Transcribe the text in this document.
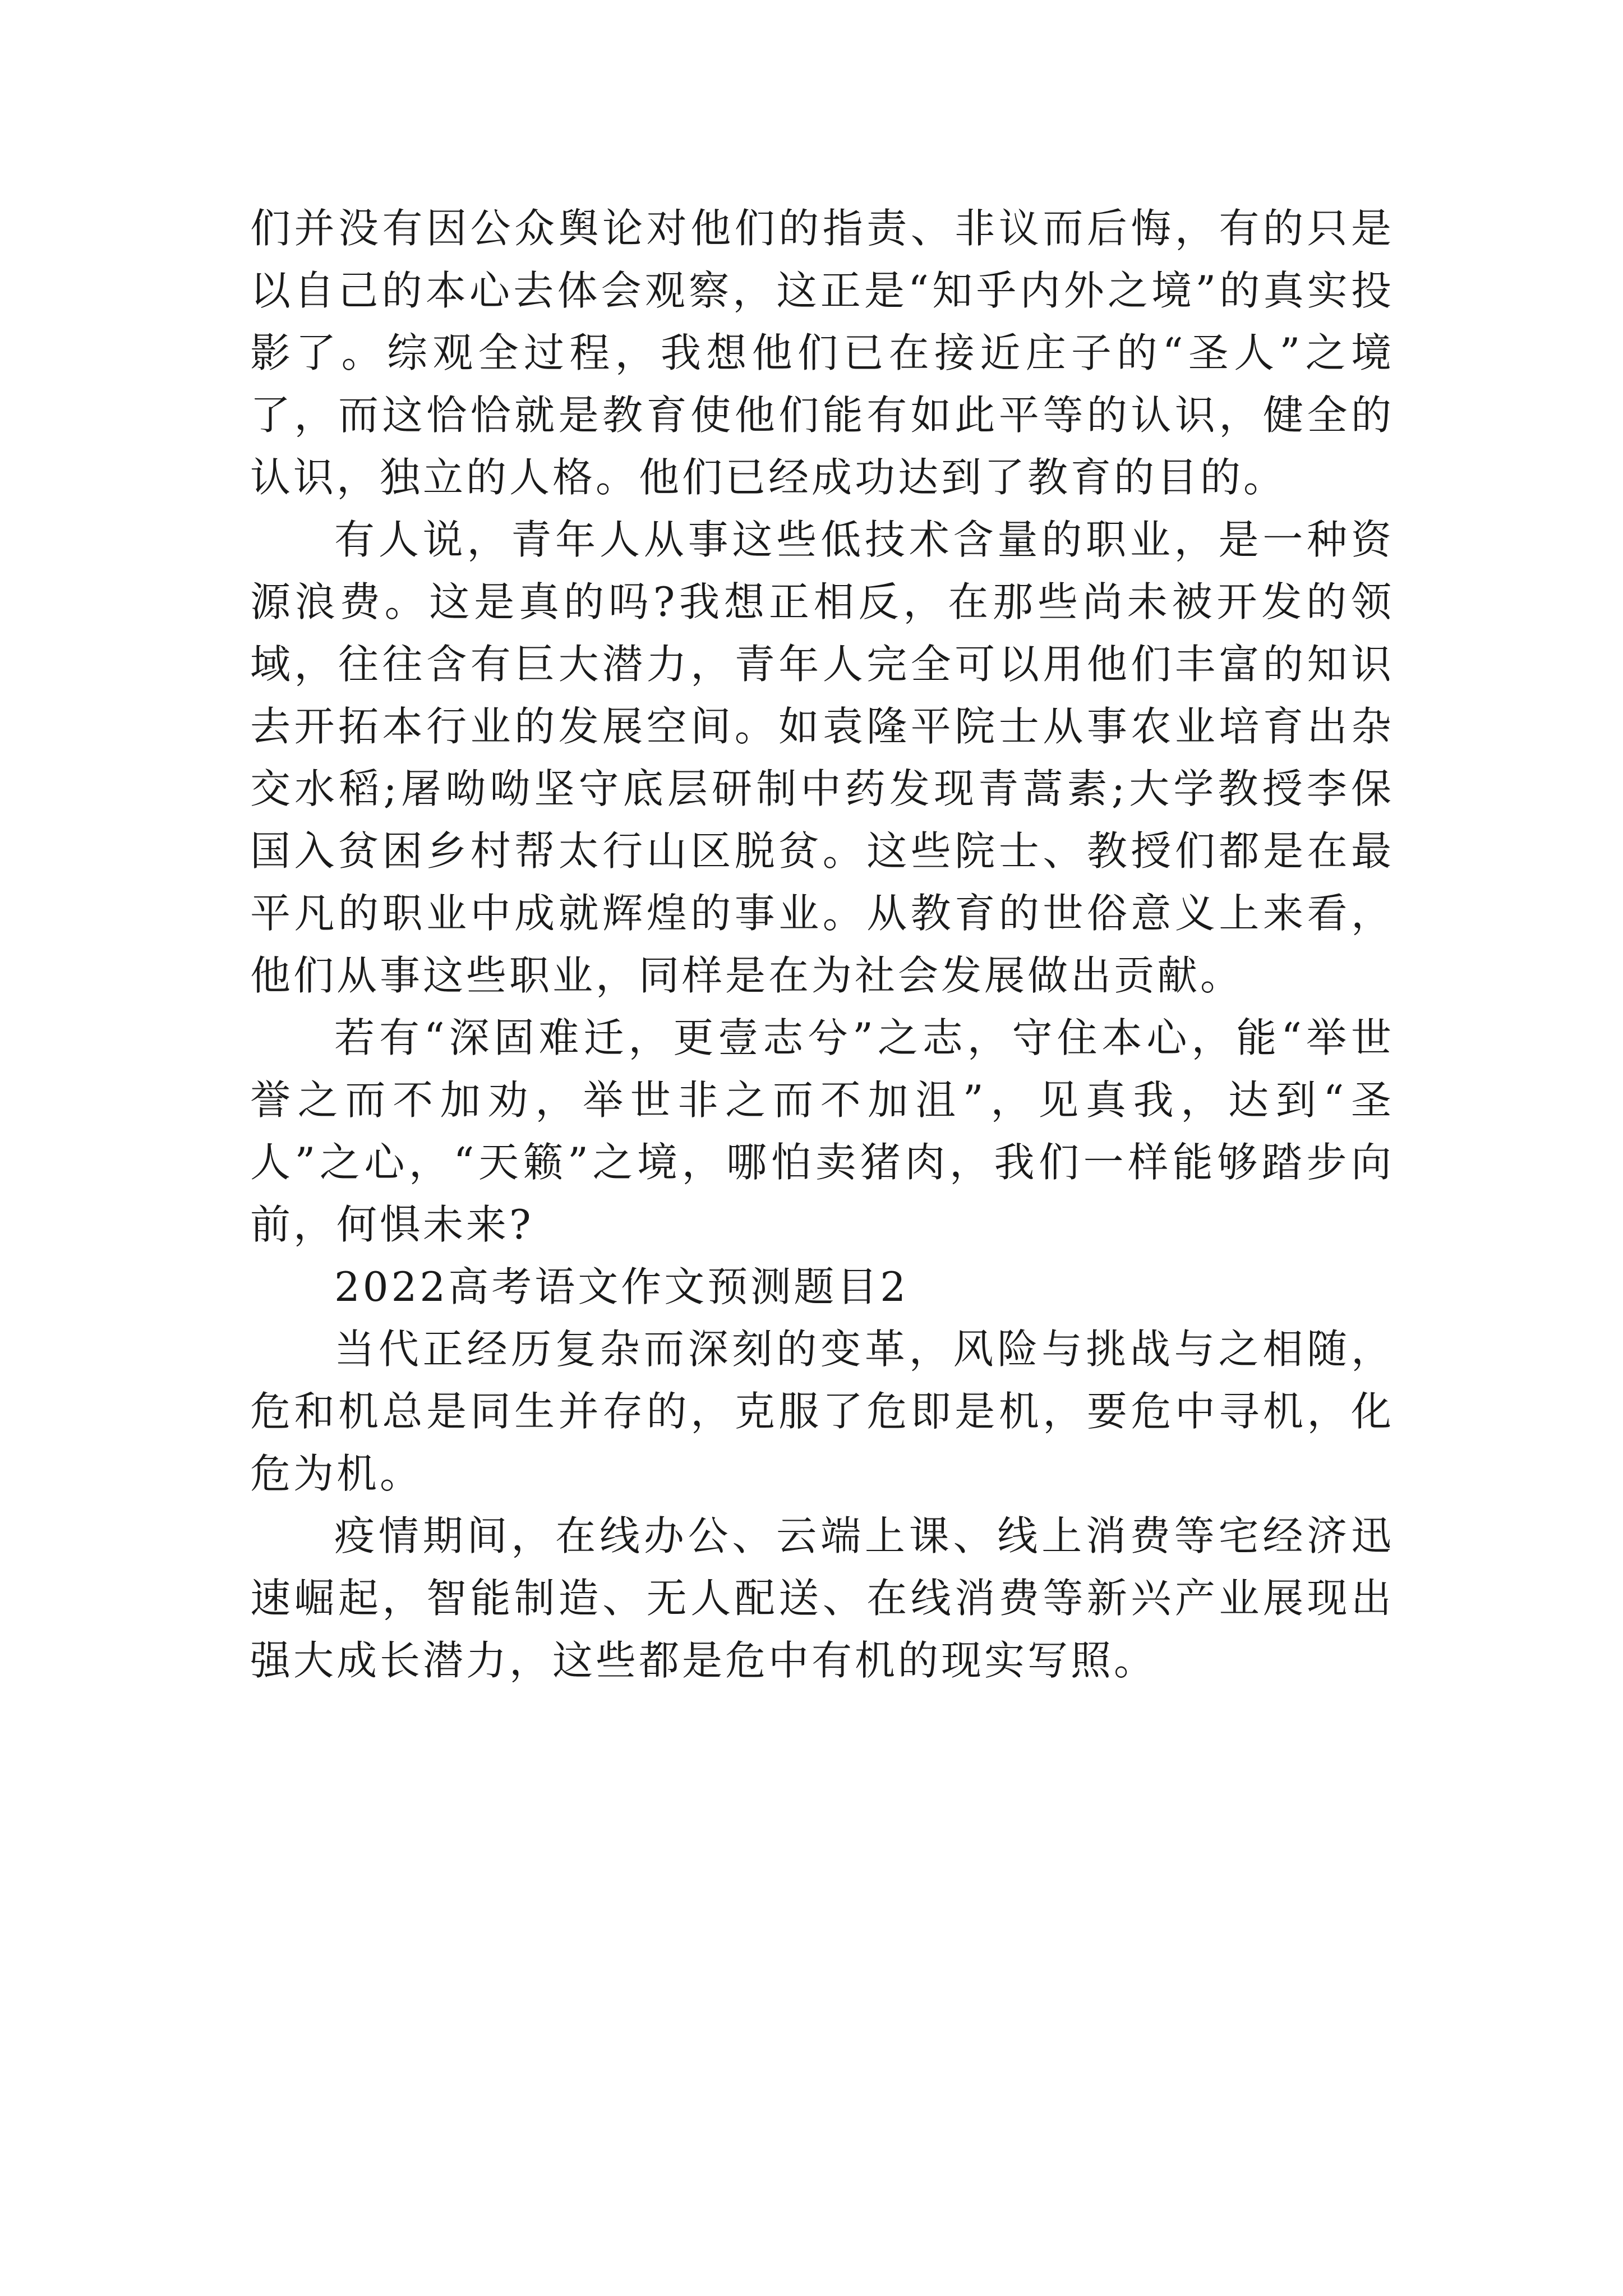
们并没有因公众舆论对他们的指责、非议而后悔，有的只是以自己的本心去体会观察，这正是“知乎内外之境”的真实投影了。综观全过程，我想他们已在接近庄子的“圣人”之境了，而这恰恰就是教育使他们能有如此平等的认识，健全的认识，独立的人格。他们已经成功达到了教育的目的。

有人说，青年人从事这些低技术含量的职业，是一种资源浪费。这是真的吗?我想正相反，在那些尚未被开发的领域，往往含有巨大潜力，青年人完全可以用他们丰富的知识去开拓本行业的发展空间。如袁隆平院士从事农业培育出杂交水稻;屠呦呦坚守底层研制中药发现青蒿素;大学教授李保国入贫困乡村帮太行山区脱贫。这些院士、教授们都是在最平凡的职业中成就辉煌的事业。从教育的世俗意义上来看，他们从事这些职业，同样是在为社会发展做出贡献。

若有“深固难迁，更壹志兮”之志，守住本心，能“举世誉之而不加劝，举世非之而不加沮”，见真我，达到“圣人”之心，“天籁”之境，哪怕卖猪肉，我们一样能够踏步向前，何惧未来?

2022高考语文作文预测题目2

当代正经历复杂而深刻的变革，风险与挑战与之相随，危和机总是同生并存的，克服了危即是机，要危中寻机，化危为机。

疫情期间，在线办公、云端上课、线上消费等宅经济迅速崛起，智能制造、无人配送、在线消费等新兴产业展现出强大成长潜力，这些都是危中有机的现实写照。
